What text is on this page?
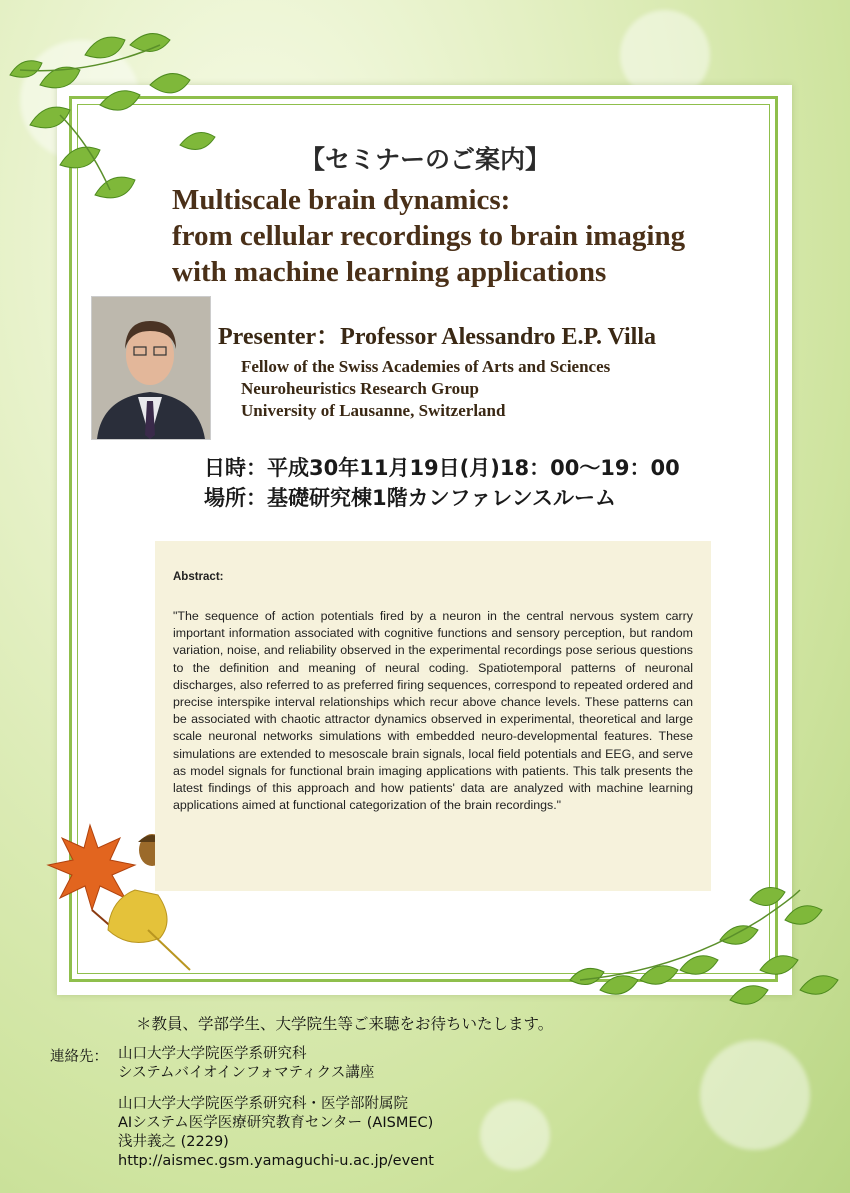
【セミナーのご案内】
Multiscale brain dynamics:
from cellular recordings to brain imaging
with machine learning applications
Presenter：Professor Alessandro E.P. Villa
Fellow of the Swiss Academies of Arts and Sciences
Neuroheuristics Research Group
University of Lausanne, Switzerland
日時：平成30年11月19日(月)18：00〜19：00
場所：基礎研究棟1階カンファレンスルーム
Abstract:
"The sequence of action potentials fired by a neuron in the central nervous system carry important information associated with cognitive functions and sensory perception, but random variation, noise, and reliability observed in the experimental recordings pose serious questions to the definition and meaning of neural coding. Spatiotemporal patterns of neuronal discharges, also referred to as preferred firing sequences, correspond to repeated ordered and precise interspike interval relationships which recur above chance levels. These patterns can be associated with chaotic attractor dynamics observed in experimental, theoretical and large scale neuronal networks simulations with embedded neuro-developmental features. These simulations are extended to mesoscale brain signals, local field potentials and EEG, and serve as model signals for functional brain imaging applications with patients. This talk presents the latest findings of this approach and how patients' data are analyzed with machine learning applications aimed at functional categorization of the brain recordings."
＊教員、学部学生、大学院生等ご来聴をお待ちいたします。
連絡先： 山口大学大学院医学系研究科
システムバイオインフォマティクス講座
山口大学大学院医学系研究科・医学部附属院
AIシステム医学医療研究教育センター (AISMEC)
浅井義之 (2229)
http://aismec.gsm.yamaguchi-u.ac.jp/event
